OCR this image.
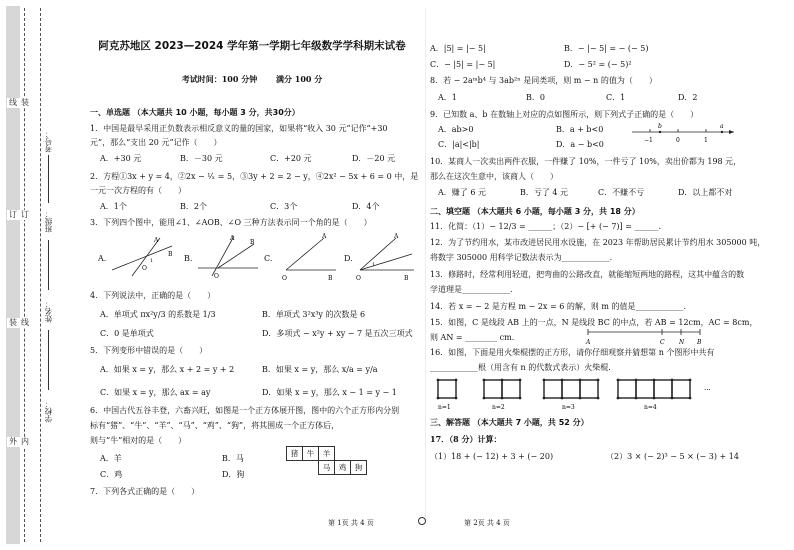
线
订
装
外
装
订
线
内
学校：
姓名：
班级：
考号：
阿克苏地区 2023—2024 学年第一学期七年级数学学科期末试卷
考试时间：100 分钟 满分 100 分
一、单选题 （本大题共 10 小题，每小题 3 分，共30分）
1．中国是最早采用正负数表示相反意义的量的国家，如果将“收入 30 元”记作“+30
元”，那么“支出 20 元”记作（　　）
A．+30 元	B．－30 元	C．+20 元	D．－20 元
2．方程①3x + y = 4，②2x − ¹⁄ₓ = 5，③3y + 2 = 2 − y，④2x² − 5x + 6 = 0 中，是
一元一次方程的有（　　）
A．1个	B．2个	C．3个	D．4个
3．下列四个图中，能用∠1、∠AOB、∠O 三种方法表示同一个角的是（　　）
A.	B.	C.	D.
A
O
1
B
A
O
B
A
O	B
A
O	B
1
4．下列说法中，正确的是（　　）
A．单项式 πx²y/3 的系数是 1/3	B．单项式 3²x³y 的次数是 6
C．0 是单项式	D．多项式 − x²y + xy − 7 是五次三项式
5．下列变形中错误的是（　　）
A．如果 x = y，那么 x + 2 = y + 2	B．如果 x = y，那么 x/a = y/a
C．如果 x = y，那么 ax = ay	D．如果 x = y，那么 x − 1 = y − 1
6．中国古代五谷丰登，六畜兴旺，如图是一个正方体展开图，图中的六个正方形内分别
标有“猪”、“牛”、“羊”、“马”、“鸡”、“狗”，将其围成一个正方体后，
则与“牛”相对的是（　　）
A．羊	B．马
C．鸡	D．狗
猪	牛	羊		
		马	鸡	狗
7．下列各式正确的是（　　）
第 1页 共 4 页
A．|5| = |− 5|	B．− |− 5| = − (− 5)
C．− |5| = |− 5|	D．− 5² = (− 5)²
8．若 − 2aᵐb⁴ 与 3ab²ⁿ 是同类项，则 m − n 的值为（　　）
A．1	B．0	C．1	D．2
9．已知数 a、b 在数轴上对应的点如图所示，则下列式子正确的是（　　）
A．ab>0	B．a + b<0
C．|a|<|b|	D．a − b<0
b	a
−1	0	1
10．某商人一次卖出两件衣服，一件赚了 10%，一件亏了 10%，卖出价都为 198 元，
那么在这次生意中，该商人（　　）
A．赚了 6 元	B．亏了 4 元	C．不赚不亏	D．以上都不对
二、填空题 （本大题共 6 小题，每小题 3 分，共 18 分）
11．化简：（1）− 12/3 = ______；（2）− [+ (− 7)] = ______.
12．为了节约用水，某市改进居民用水设施，在 2023 年帮助居民累计节约用水 305000 吨，
将数字 305000 用科学记数法表示为____________.
13．修路时，经常利用轻道，把弯曲的公路改直，就能缩短两地的路程，这其中蕴含的数
学道理是____________.
14．若 x = − 2 是方程 m − 2x = 6 的解，则 m 的值是____________.
15．如图，C 是线段 AB 上的一点，N 是线段 BC 的中点，若 AB = 12cm，AC = 8cm，
则 AN = ________ cm.
A	C N B
16．如图，下面是用火柴棍摆的正方形，请你仔细观察并猜想第 n 个图形中共有
____________根（用含有 n 的代数式表示）火柴棍.
n=1	n=2	n=3	n=4
···
三、解答题 （本大题共 7 小题，共 52 分）
17．（8 分）计算：
（1）18 + (− 12) + 3 + (− 20)	（2）3 × (− 2)³ − 5 × (− 3) + 14
第 2页 共 4 页
